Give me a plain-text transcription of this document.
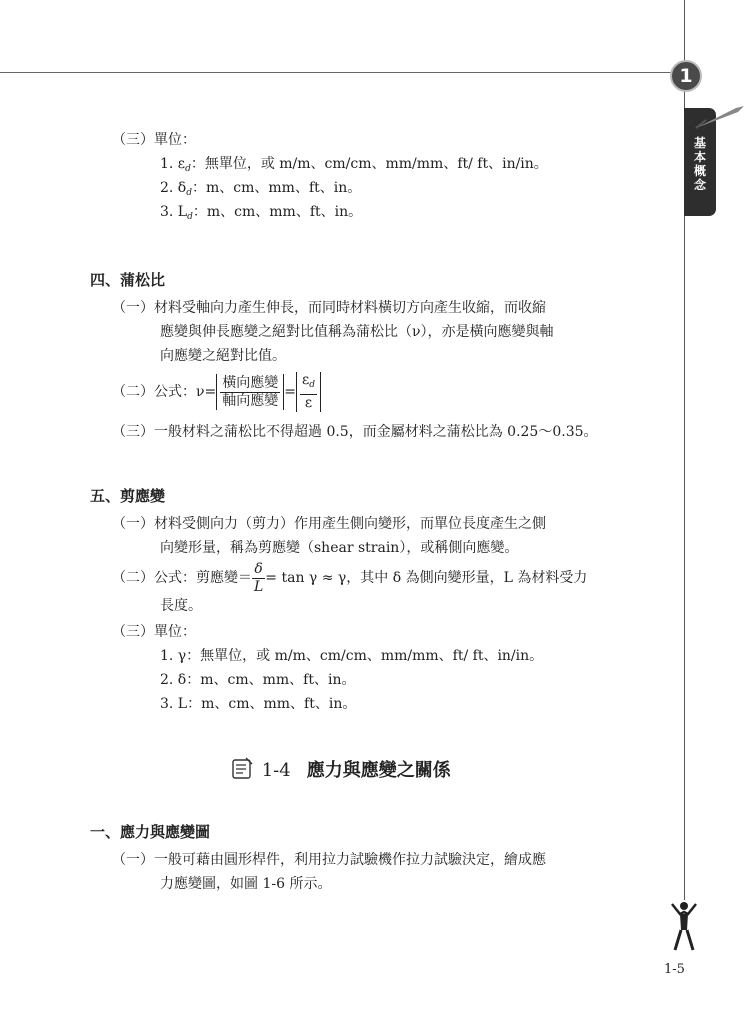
1
基本概念
（三）單位：
1. $\varepsilon_d$：無單位，或 m/m、cm/cm、mm/mm、ft/ ft、in/in。
2. $\delta_d$：m、cm、mm、ft、in。
3. $L_d$：m、cm、mm、ft、in。
四、蒲松比
（一）材料受軸向力產生伸長，而同時材料橫切方向產生收縮，而收縮
應變與伸長應變之絕對比值稱為蒲松比（ν），亦是橫向應變與軸
向應變之絕對比值。
（二）公式：$\nu= \frac{\text{橫向應變}}{\text{軸向應變}} = \frac{\varepsilon_d}{\varepsilon}$
（三）一般材料之蒲松比不得超過 0.5，而金屬材料之蒲松比為 0.25～0.35。
五、剪應變
（一）材料受側向力（剪力）作用產生側向變形，而單位長度產生之側
向變形量，稱為剪應變（shear strain），或稱側向應變。
（二）公式：剪應變＝ $\frac{\delta}{L} = \tan \gamma \approx \gamma$，其中 δ 為側向變形量，L 為材料受力
長度。
（三）單位：
1. γ：無單位，或 m/m、cm/cm、mm/mm、ft/ ft、in/in。
2. δ：m、cm、mm、ft、in。
3. L：m、cm、mm、ft、in。
1-4 應力與應變之關係
一、應力與應變圖
（一）一般可藉由圓形桿件，利用拉力試驗機作拉力試驗決定，繪成應
力應變圖，如圖 1-6 所示。
1-5
